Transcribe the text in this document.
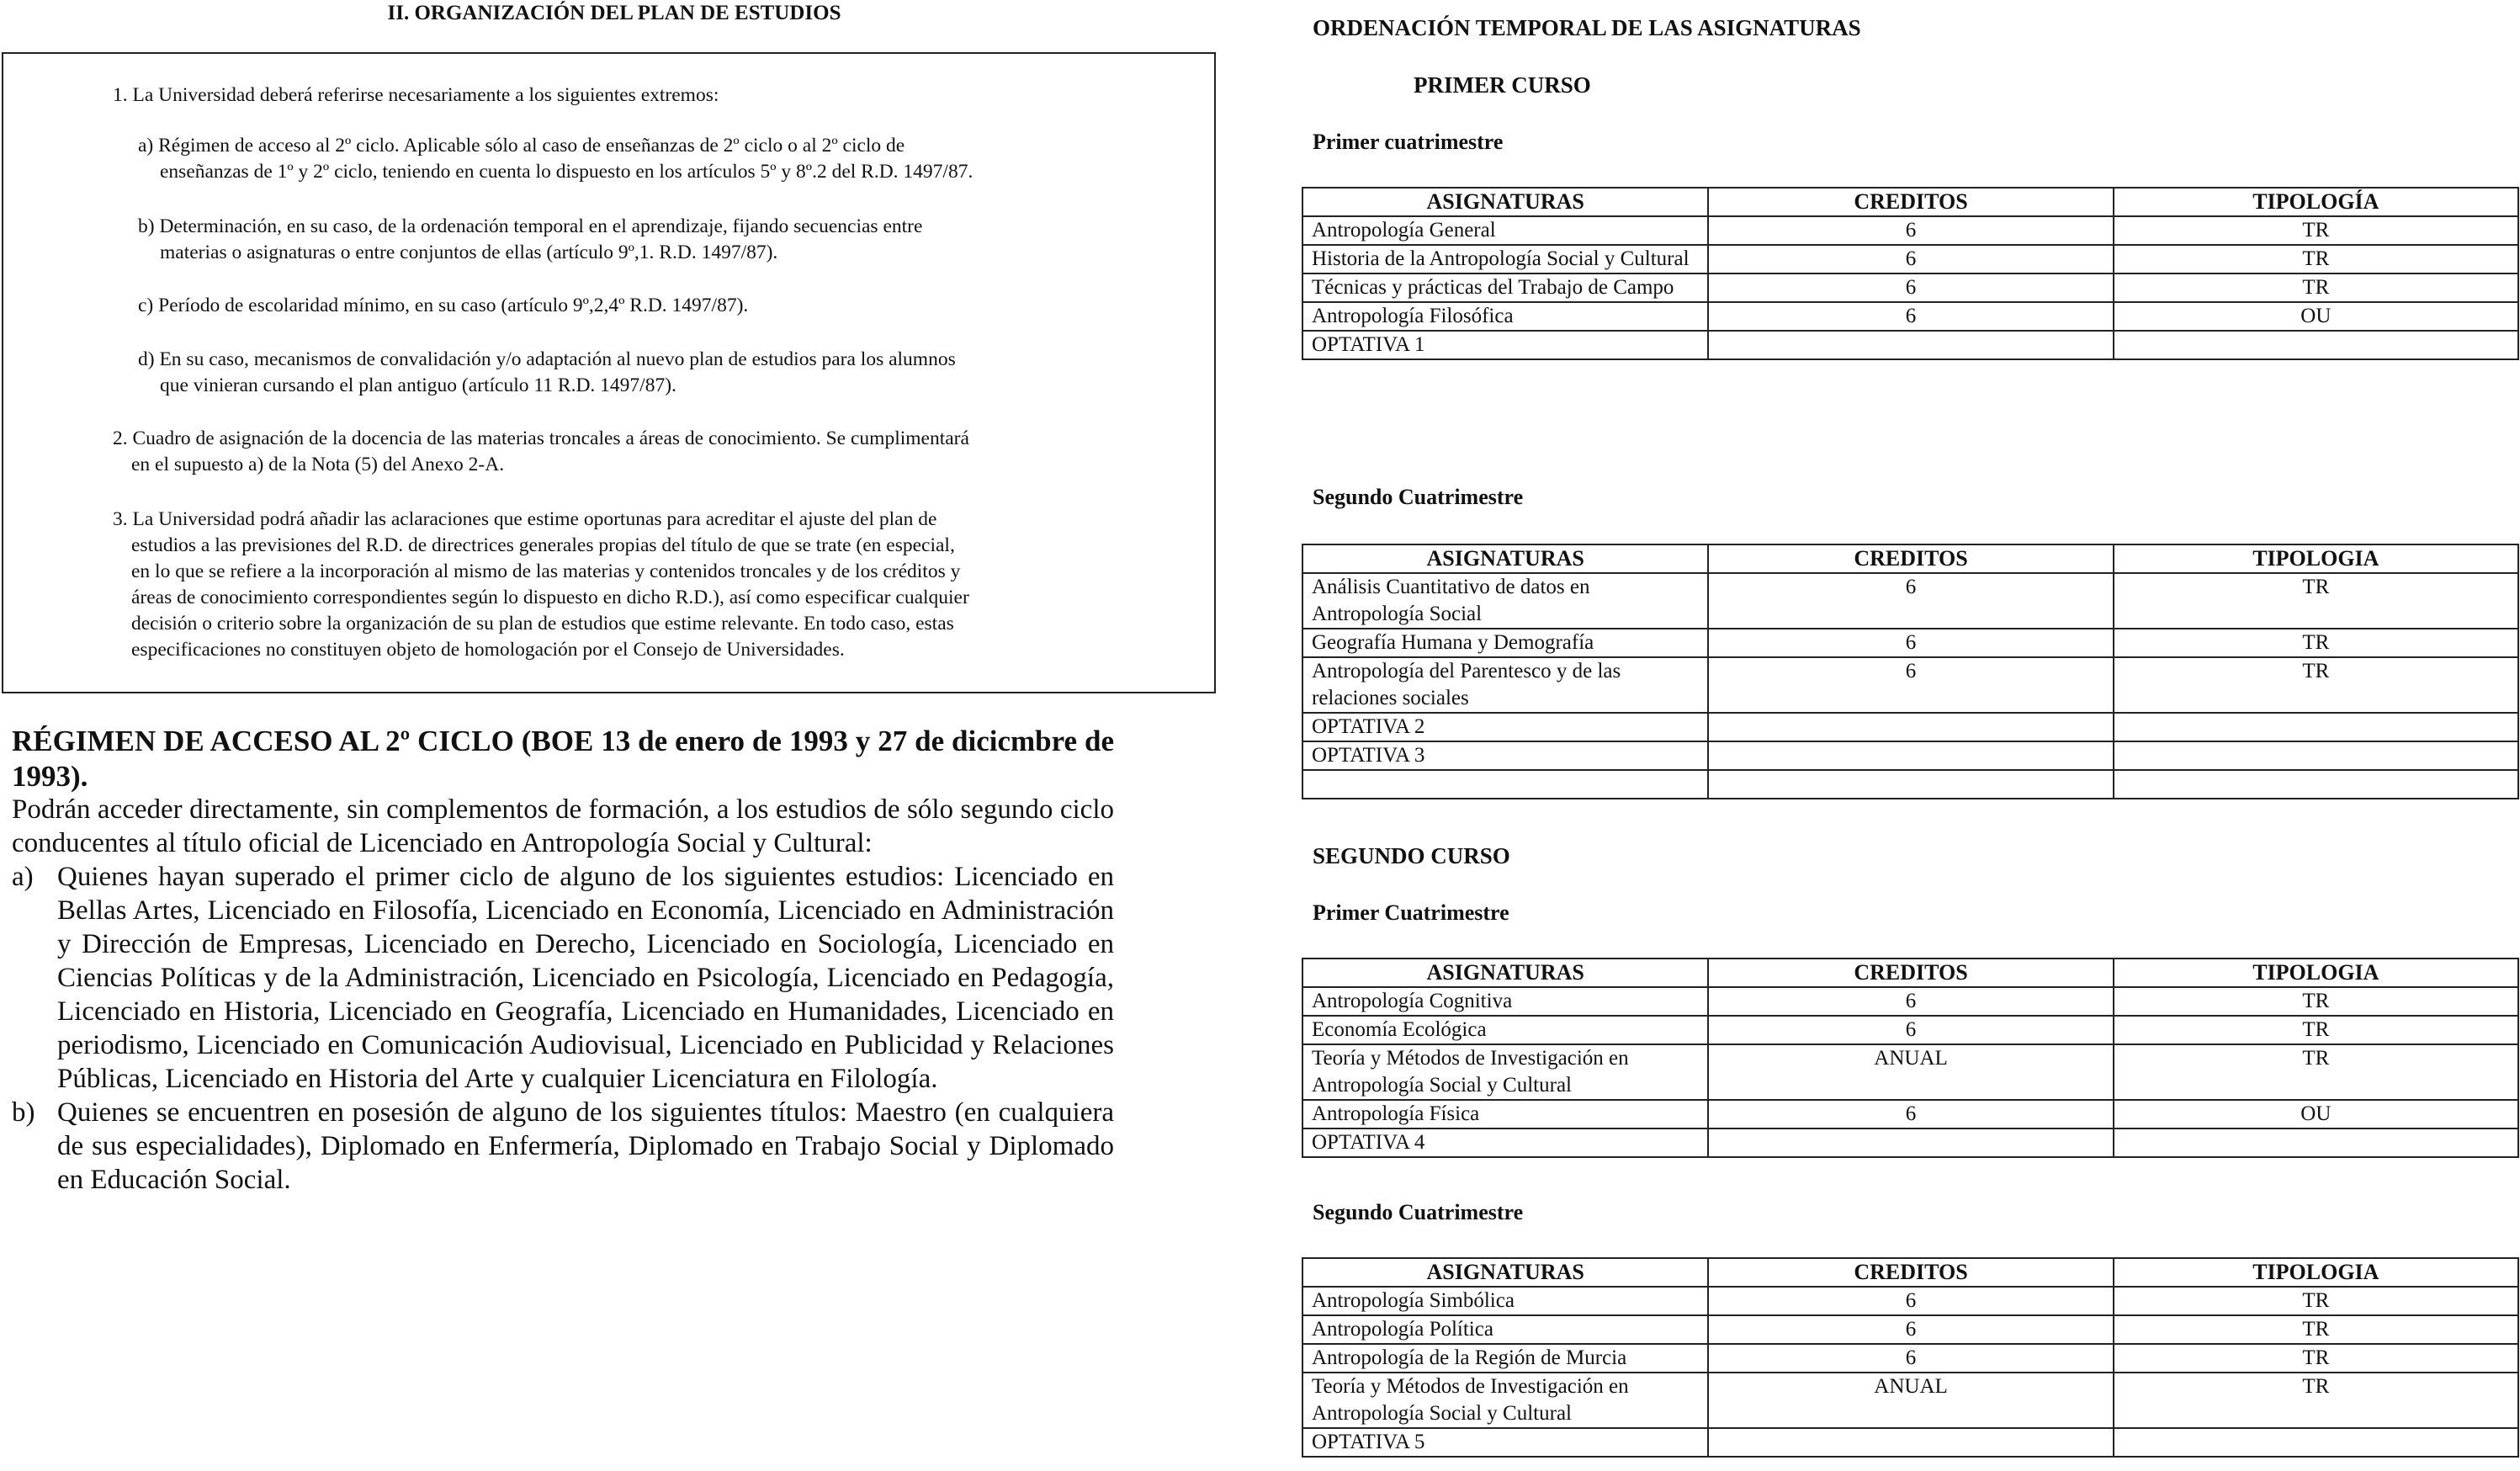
II. ORGANIZACIÓN DEL PLAN DE ESTUDIOS
1. La Universidad deberá referirse necesariamente a los siguientes extremos:
a) Régimen de acceso al 2º ciclo. Aplicable sólo al caso de enseñanzas de 2º ciclo o al 2º ciclo de
enseñanzas de 1º y 2º ciclo, teniendo en cuenta lo dispuesto en los artículos 5º y 8º.2 del R.D. 1497/87.
b) Determinación, en su caso, de la ordenación temporal en el aprendizaje, fijando secuencias entre
materias o asignaturas o entre conjuntos de ellas (artículo 9º,1. R.D. 1497/87).
c) Período de escolaridad mínimo, en su caso (artículo 9º,2,4º R.D. 1497/87).
d) En su caso, mecanismos de convalidación y/o adaptación al nuevo plan de estudios para los alumnos
que vinieran cursando el plan antiguo (artículo 11 R.D. 1497/87).
2. Cuadro de asignación de la docencia de las materias troncales a áreas de conocimiento. Se cumplimentará
en el supuesto a) de la Nota (5) del Anexo 2-A.
3. La Universidad podrá añadir las aclaraciones que estime oportunas para acreditar el ajuste del plan de
estudios a las previsiones del R.D. de directrices generales propias del título de que se trate (en especial,
en lo que se refiere a la incorporación al mismo de las materias y contenidos troncales y de los créditos y
áreas de conocimiento correspondientes según lo dispuesto en dicho R.D.), así como especificar cualquier
decisión o criterio sobre la organización de su plan de estudios que estime relevante. En todo caso, estas
especificaciones no constituyen objeto de homologación por el Consejo de Universidades.
RÉGIMEN DE ACCESO AL 2º CICLO (BOE 13 de enero de 1993 y 27 de dicicmbre de 1993).

Podrán acceder directamente, sin complementos de formación, a los estudios de sólo segundo ciclo conducentes al título oficial de Licenciado en Antropología Social y Cultural:

a) Quienes hayan superado el primer ciclo de alguno de los siguientes estudios: Licenciado en Bellas Artes, Licenciado en Filosofía, Licenciado en Economía, Licenciado en Administración y Dirección de Empresas, Licenciado en Derecho, Licenciado en Sociología, Licenciado en Ciencias Políticas y de la Administración, Licenciado en Psicología, Licenciado en Pedagogía, Licenciado en Historia, Licenciado en Geografía, Licenciado en Humanidades, Licenciado en periodismo, Licenciado en Comunicación Audiovisual, Licenciado en Publicidad y Relaciones Públicas, Licenciado en Historia del Arte y cualquier Licenciatura en Filología.
b) Quienes se encuentren en posesión de alguno de los siguientes títulos: Maestro (en cualquiera de sus especialidades), Diplomado en Enfermería, Diplomado en Trabajo Social y Diplomado en Educación Social.
ORDENACIÓN TEMPORAL DE LAS ASIGNATURAS
PRIMER CURSO
Primer cuatrimestre
ASIGNATURAS	CREDITOS	TIPOLOGÍA
Antropología General	6	TR
Historia de la Antropología Social y Cultural	6	TR
Técnicas y prácticas del Trabajo de Campo	6	TR
Antropología Filosófica	6	OU
OPTATIVA 1		
Segundo Cuatrimestre
ASIGNATURAS	CREDITOS	TIPOLOGIA
Análisis Cuantitativo de datos en Antropología Social	6	TR
Geografía Humana y Demografía	6	TR
Antropología del Parentesco y de las relaciones sociales	6	TR
OPTATIVA 2		
OPTATIVA 3		

SEGUNDO CURSO
Primer Cuatrimestre
ASIGNATURAS	CREDITOS	TIPOLOGIA
Antropología Cognitiva	6	TR
Economía Ecológica	6	TR
Teoría y Métodos de Investigación en Antropología Social y Cultural	ANUAL	TR
Antropología Física	6	OU
OPTATIVA 4		
Segundo Cuatrimestre
ASIGNATURAS	CREDITOS	TIPOLOGIA
Antropología Simbólica	6	TR
Antropología Política	6	TR
Antropología de la Región de Murcia	6	TR
Teoría y Métodos de Investigación en Antropología Social y Cultural	ANUAL	TR
OPTATIVA 5		
